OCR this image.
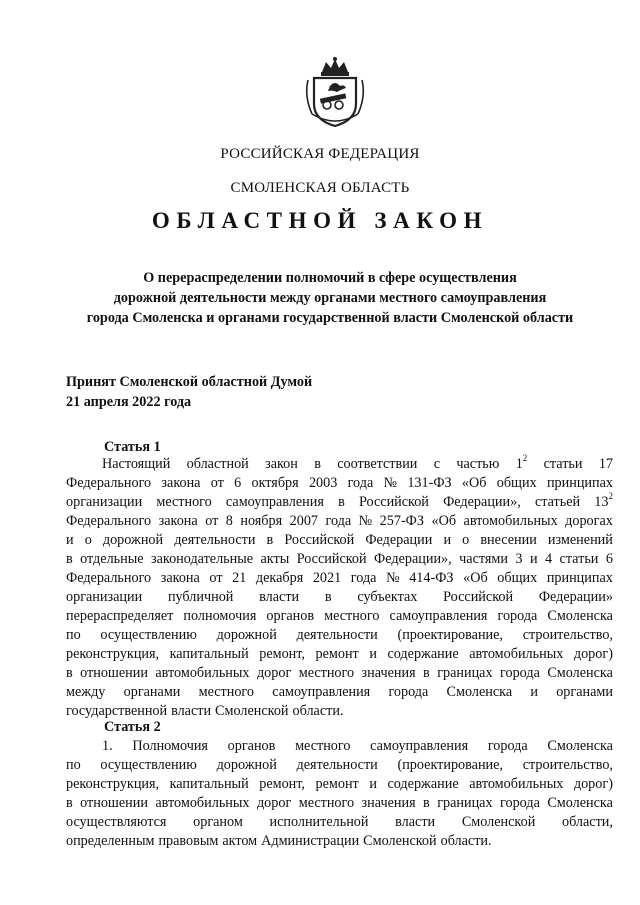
РОССИЙСКАЯ ФЕДЕРАЦИЯ
СМОЛЕНСКАЯ ОБЛАСТЬ
ОБЛАСТНОЙ ЗАКОН
О перераспределении полномочий в сфере осуществления
дорожной деятельности между органами местного самоуправления
города Смоленска и органами государственной власти Смоленской области
Принят Смоленской областной Думой
21 апреля 2022 года
Статья 1
Настоящий областной закон в соответствии с частью $1^2$ статьи 17
Федерального закона от 6 октября 2003 года № 131-ФЗ «Об общих принципах
организации местного самоуправления в Российской Федерации», статьей $13^2$
Федерального закона от 8 ноября 2007 года № 257-ФЗ «Об автомобильных дорогах
и о дорожной деятельности в Российской Федерации и о внесении изменений
в отдельные законодательные акты Российской Федерации», частями 3 и 4 статьи 6
Федерального закона от 21 декабря 2021 года № 414-ФЗ «Об общих принципах
организации публичной власти в субъектах Российской Федерации»
перераспределяет полномочия органов местного самоуправления города Смоленска
по осуществлению дорожной деятельности (проектирование, строительство,
реконструкция, капитальный ремонт, ремонт и содержание автомобильных дорог)
в отношении автомобильных дорог местного значения в границах города Смоленска
между органами местного самоуправления города Смоленска и органами
государственной власти Смоленской области.
Статья 2
1. Полномочия органов местного самоуправления города Смоленска
по осуществлению дорожной деятельности (проектирование, строительство,
реконструкция, капитальный ремонт, ремонт и содержание автомобильных дорог)
в отношении автомобильных дорог местного значения в границах города Смоленска
осуществляются органом исполнительной власти Смоленской области,
определенным правовым актом Администрации Смоленской области.
